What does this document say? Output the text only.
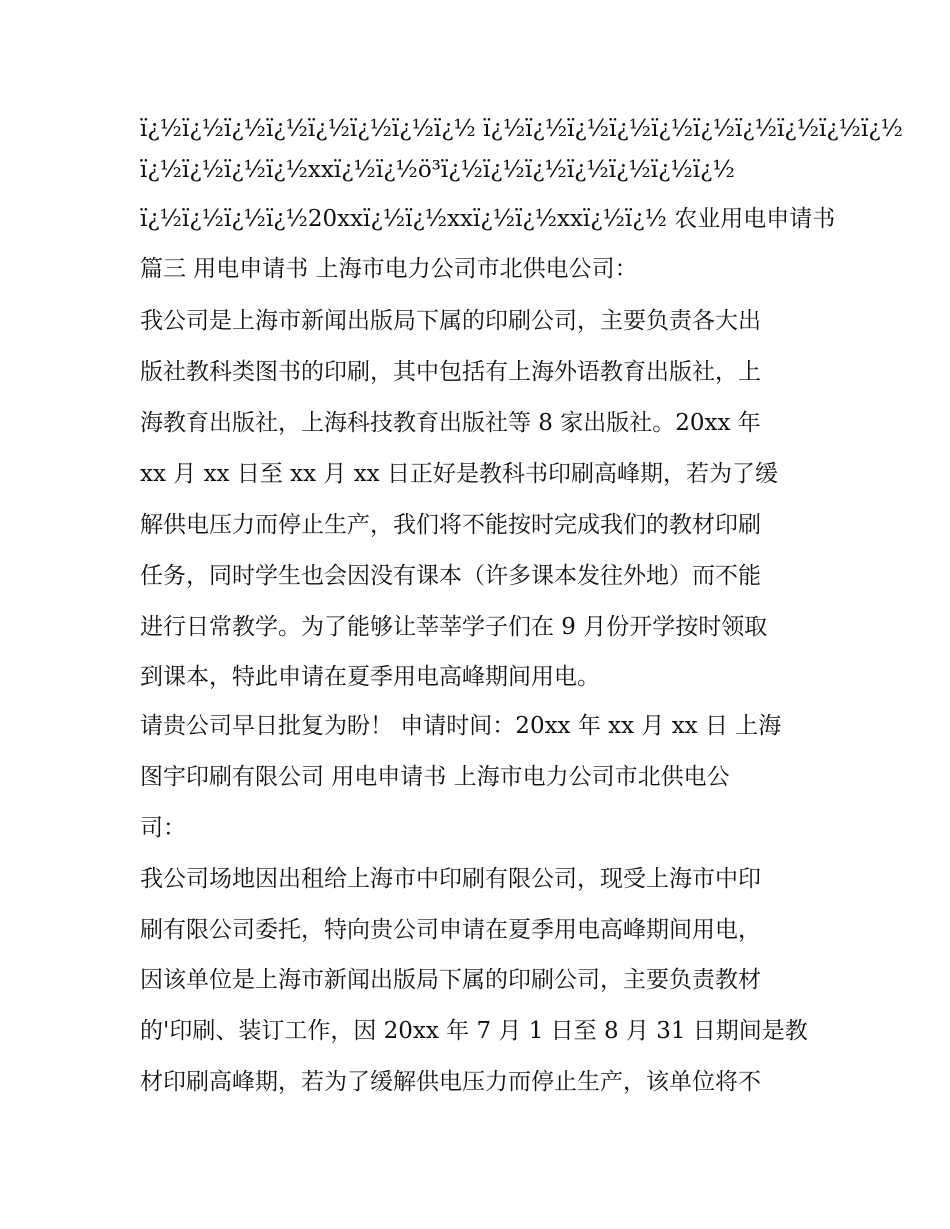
ï¿½ï¿½ï¿½ï¿½ï¿½ï¿½ï¿½ï¿½ ï¿½ï¿½ï¿½ï¿½ï¿½ï¿½ï¿½ï¿½ï¿½ï¿½
ï¿½ï¿½ï¿½ï¿½xxï¿½ï¿½ö³ï¿½ï¿½ï¿½ï¿½ï¿½ï¿½ï¿½
ï¿½ï¿½ï¿½ï¿½20xxï¿½ï¿½xxï¿½ï¿½xxï¿½ï¿½ 农业用电申请书
篇三 用电申请书 上海市电力公司市北供电公司：
我公司是上海市新闻出版局下属的印刷公司，主要负责各大出
版社教科类图书的印刷，其中包括有上海外语教育出版社，上
海教育出版社，上海科技教育出版社等 8 家出版社。20xx 年
xx 月 xx 日至 xx 月 xx 日正好是教科书印刷高峰期，若为了缓
解供电压力而停止生产，我们将不能按时完成我们的教材印刷
任务，同时学生也会因没有课本（许多课本发往外地）而不能
进行日常教学。为了能够让莘莘学子们在 9 月份开学按时领取
到课本，特此申请在夏季用电高峰期间用电。
请贵公司早日批复为盼！ 申请时间：20xx 年 xx 月 xx 日 上海
图宇印刷有限公司 用电申请书 上海市电力公司市北供电公
司：
我公司场地因出租给上海市中印刷有限公司，现受上海市中印
刷有限公司委托，特向贵公司申请在夏季用电高峰期间用电，
因该单位是上海市新闻出版局下属的印刷公司，主要负责教材
的'印刷、装订工作，因 20xx 年 7 月 1 日至 8 月 31 日期间是教
材印刷高峰期，若为了缓解供电压力而停止生产，该单位将不
